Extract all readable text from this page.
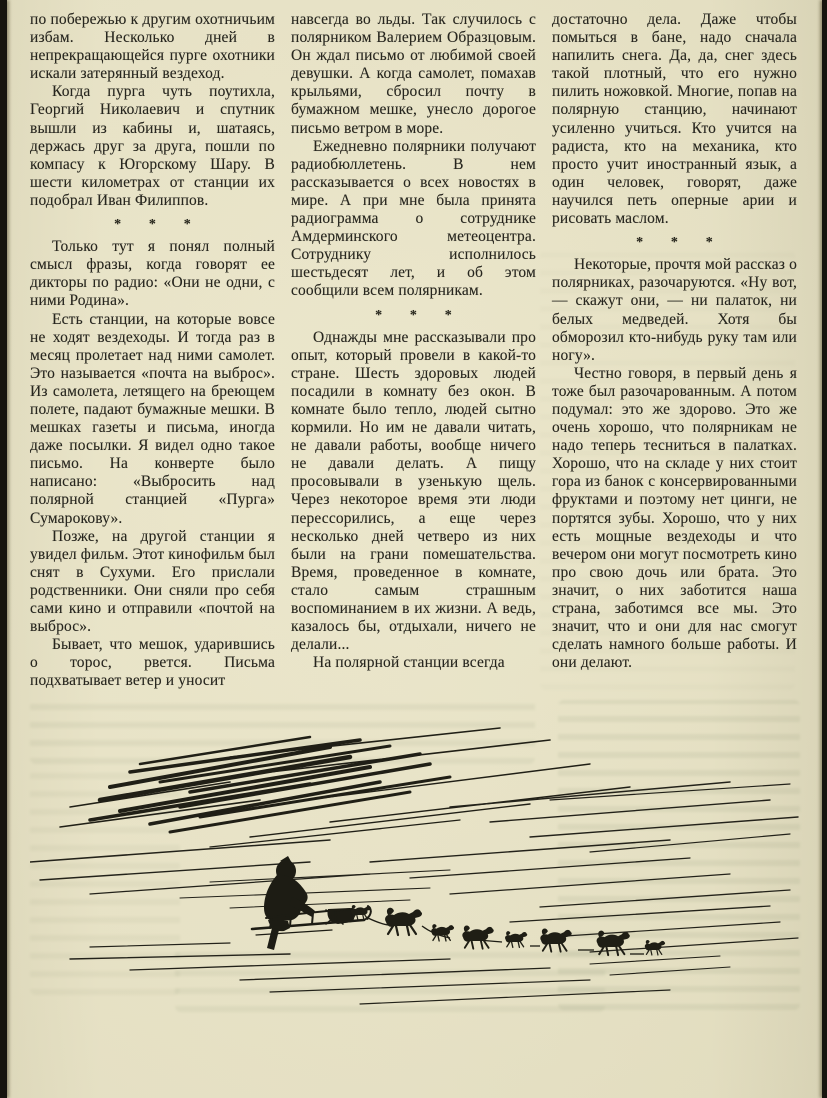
по побережью к другим охотничьим избам. Несколько дней в непрекращающейся пурге охотники искали затерянный вездеход.

Когда пурга чуть поутихла, Георгий Николаевич и спутник вышли из кабины и, шатаясь, держась друг за друга, пошли по компасу к Югорскому Шару. В шести километрах от станции их подобрал Иван Филиппов.

* * *

Только тут я понял полный смысл фразы, когда говорят ее дикторы по радио: «Они не одни, с ними Родина».

Есть станции, на которые вовсе не ходят вездеходы. И тогда раз в месяц пролетает над ними самолет. Это называется «почта на выброс». Из самолета, летящего на бреющем полете, падают бумажные мешки. В мешках газеты и письма, иногда даже посылки. Я видел одно такое письмо. На конверте было написано: «Выбросить над полярной станцией «Пурга» Сумарокову».

Позже, на другой станции я увидел фильм. Этот кинофильм был снят в Сухуми. Его прислали родственники. Они сняли про себя сами кино и отправили «почтой на выброс».

Бывает, что мешок, ударившись о торос, рвется. Письма подхватывает ветер и уносит

навсегда во льды. Так случилось с полярником Валерием Образцовым. Он ждал письмо от любимой своей девушки. А когда самолет, помахав крыльями, сбросил почту в бумажном мешке, унесло дорогое письмо ветром в море.

Ежедневно полярники получают радиобюллетень. В нем рассказывается о всех новостях в мире. А при мне была принята радиограмма о сотруднике Амдерминского метеоцентра. Сотруднику исполнилось шестьдесят лет, и об этом сообщили всем полярникам.

* * *

Однажды мне рассказывали про опыт, который провели в какой-то стране. Шесть здоровых людей посадили в комнату без окон. В комнате было тепло, людей сытно кормили. Но им не давали читать, не давали работы, вообще ничего не давали делать. А пищу просовывали в узенькую щель. Через некоторое время эти люди перессорились, а еще через несколько дней четверо из них были на грани помешательства. Время, проведенное в комнате, стало самым страшным воспоминанием в их жизни. А ведь, казалось бы, отдыхали, ничего не делали...

На полярной станции всегда

достаточно дела. Даже чтобы помыться в бане, надо сначала напилить снега. Да, да, снег здесь такой плотный, что его нужно пилить ножовкой. Многие, попав на полярную станцию, начинают усиленно учиться. Кто учится на радиста, кто на механика, кто просто учит иностранный язык, а один человек, говорят, даже научился петь оперные арии и рисовать маслом.

* * *

Некоторые, прочтя мой рассказ о полярниках, разочаруются. «Ну вот, — скажут они, — ни палаток, ни белых медведей. Хотя бы обморозил кто-нибудь руку там или ногу».

Честно говоря, в первый день я тоже был разочарованным. А потом подумал: это же здорово. Это же очень хорошо, что полярникам не надо теперь тесниться в палатках. Хорошо, что на складе у них стоит гора из банок с консервированными фруктами и поэтому нет цинги, не портятся зубы. Хорошо, что у них есть мощные вездеходы и что вечером они могут посмотреть кино про свою дочь или брата. Это значит, о них заботится наша страна, заботимся все мы. Это значит, что и они для нас смогут сделать намного больше работы. И они делают.
